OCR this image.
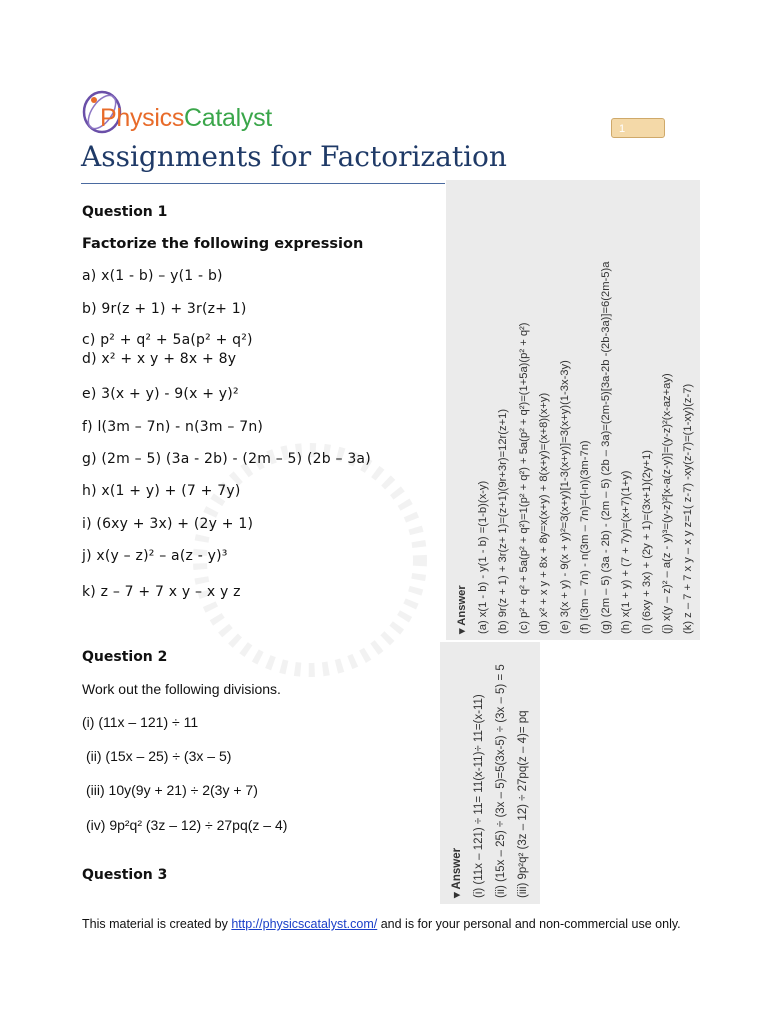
PhysicsCatalyst	1
Assignments for Factorization
Question 1
Factorize the following expression
a) x(1 - b) – y(1 - b)
b) 9r(z + 1) + 3r(z+ 1)
c) p² + q² + 5a(p² + q²)
d) x² + x y + 8x + 8y
e) 3(x + y) - 9(x + y)²
f) l(3m – 7n) - n(3m – 7n)
g) (2m – 5) (3a - 2b) - (2m – 5) (2b – 3a)
h) x(1 + y) + (7 + 7y)
i) (6xy + 3x) + (2y + 1)
j) x(y – z)² – a(z - y)³
k) z – 7 + 7 x y – x y z	▾ Answer (a) x(1 - b) - y(1 - b) =(1-b)(x-y) (b) 9r(z + 1) + 3r(z+ 1)=(z+1)(9r+3r)=12r(z+1) (c) p² + q² + 5a(p² + q²)=1(p² + q²) + 5a(p² + q²)=(1+5a)(p² + q²) (d) x² + x y + 8x + 8y=x(x+y) + 8(x+y)=(x+8)(x+y) (e) 3(x + y) - 9(x + y)²=3(x+y)[1-3(x+y)]=3(x+y)(1-3x-3y) (f) l(3m – 7n) - n(3m – 7n)=(l-n)(3m-7n) (g) (2m – 5) (3a - 2b) - (2m – 5) (2b – 3a)=(2m-5)[3a-2b -(2b-3a)]=6(2m-5)a (h) x(1 + y) + (7 + 7y)=(x+7)(1+y) (i) (6xy + 3x) + (2y + 1)=(3x+1)(2y+1) (j) x(y – z)² – a(z - y)³=(y-z)²[x-a(z-y)]=(y-z)²(x-az+ay) (k) z – 7 + 7 x y – x y z=1( z-7) -xy(z-7)=(1-xy)(z-7)
Question 2
Work out the following divisions.
(i) (11x – 121) ÷ 11
(ii) (15x – 25) ÷ (3x – 5)
(iii) 10y(9y + 21) ÷ 2(3y + 7)
(iv) 9p²q² (3z – 12) ÷ 27pq(z – 4)
▾ Answer (i) (11x – 121) ÷ 11= 11(x-11)÷ 11=(x-11) (ii) (15x – 25) ÷ (3x – 5)=5(3x-5) ÷ (3x – 5) = 5 (iii) 9p²q² (3z – 12) ÷ 27pq(z – 4)= pq
Question 3
This material is created by http://physicscatalyst.com/ and is for your personal and non-commercial use only.
